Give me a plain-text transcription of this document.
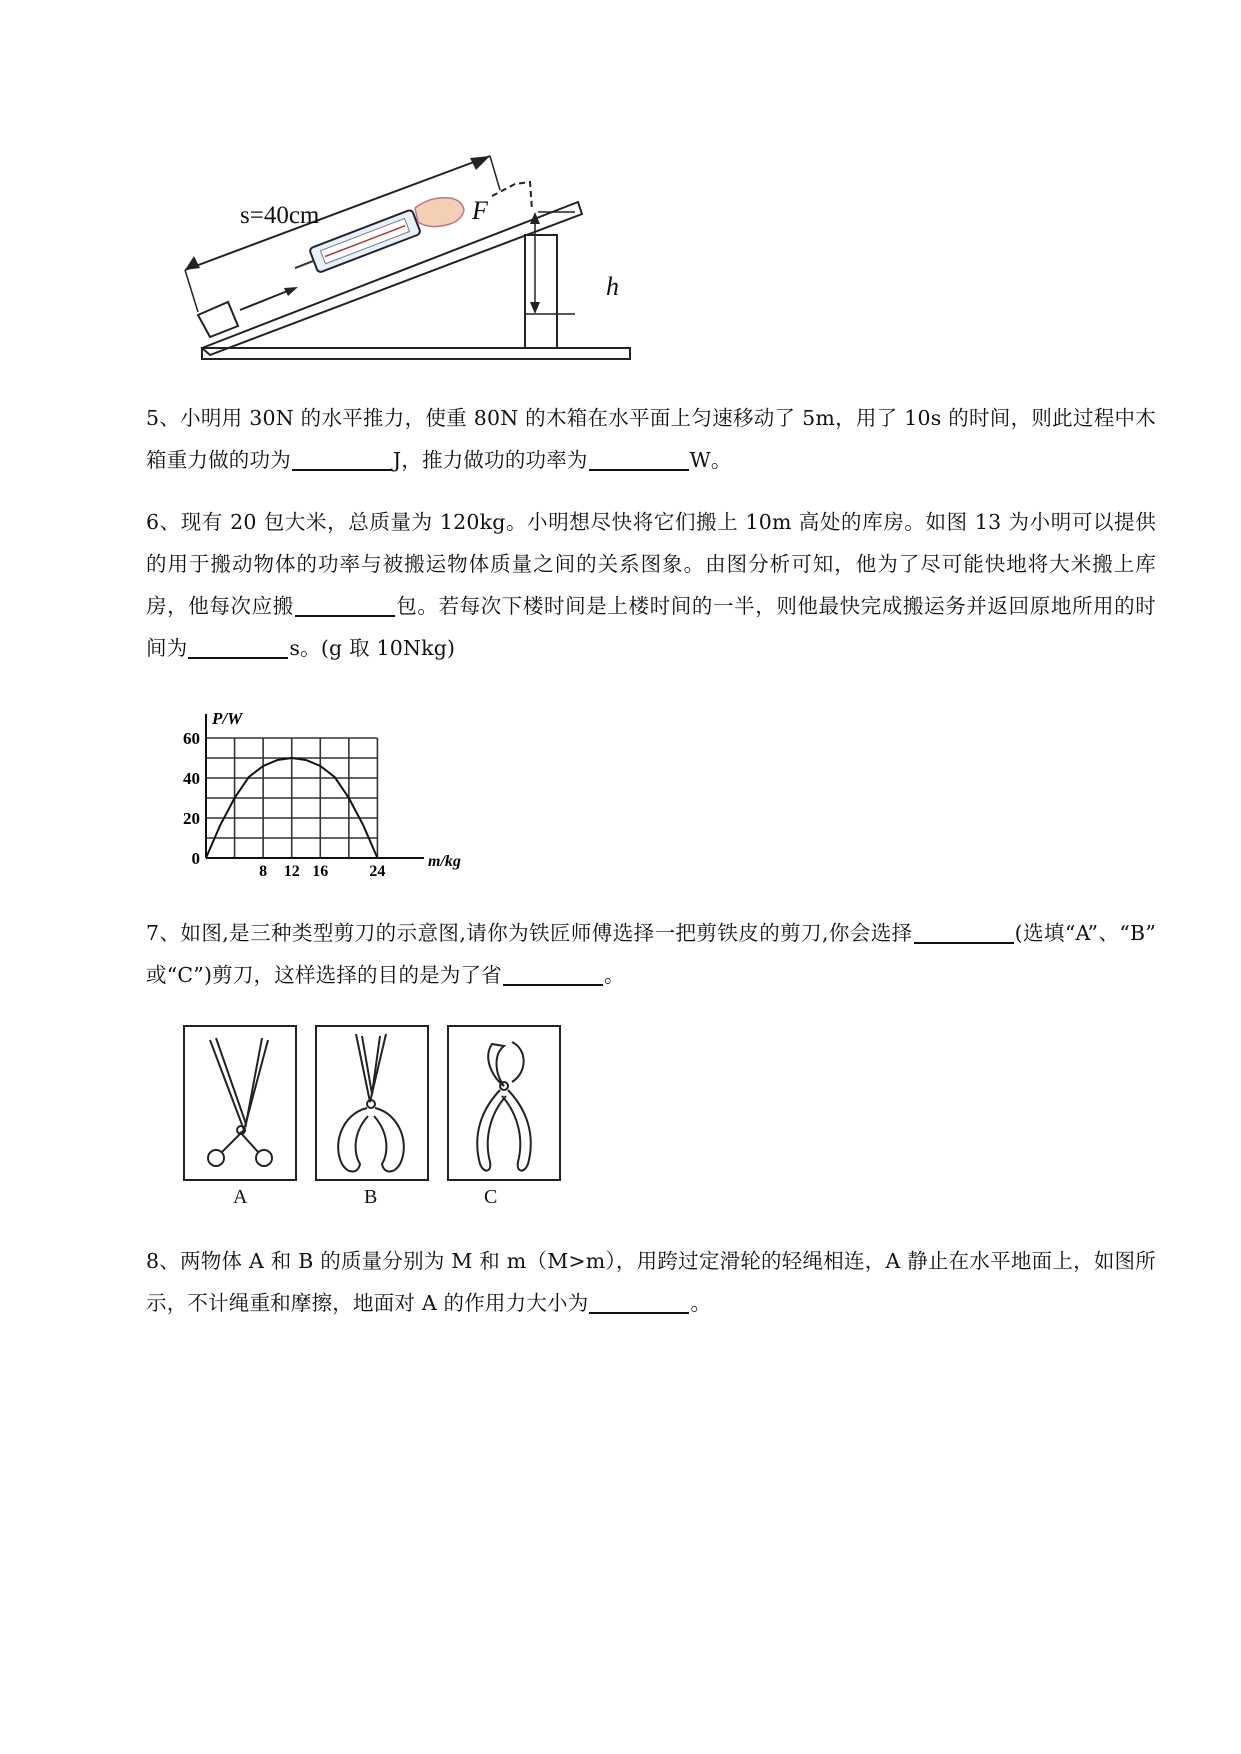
s=40cm	F
h
5、小明用 30N 的水平推力，使重 80N 的木箱在水平面上匀速移动了 5m，用了 10s 的时间，则此过程中木箱重力做的功为	J，推力做功的功率为	W。
6、现有 20 包大米，总质量为 120kg。小明想尽快将它们搬上 10m 高处的库房。如图 13 为小明可以提供的用于搬动物体的功率与被搬运物体质量之间的关系图象。由图分析可知，他为了尽可能快地将大米搬上库房，他每次应搬	包。若每次下楼时间是上楼时间的一半，则他最快完成搬运务并返回原地所用的时间为	s。(g 取 10Nkg)
0
20
40
60
8 12 16	24
P/W
m/kg
7、如图,是三种类型剪刀的示意图,请你为铁匠师傅选择一把剪铁皮的剪刀,你会选择	(选填“A”、“B” 或“C”)剪刀，这样选择的目的是为了省	。
A	B	C
8、两物体 A 和 B 的质量分别为 M 和 m（M>m），用跨过定滑轮的轻绳相连，A 静止在水平地面上，如图所示，不计绳重和摩擦，地面对 A 的作用力大小为	。
